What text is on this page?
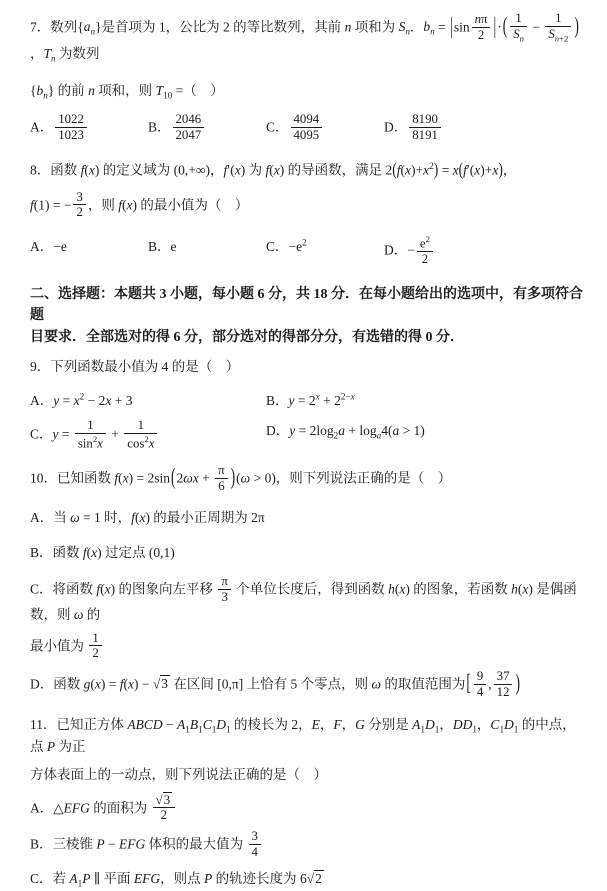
7．数列$\{a_n\}$是首项为 1，公比为 2 的等比数列，其前 n 项和为 $S_n$．$b_n = |\sin \frac{n\pi}{2}$ |·( $\frac{1}{S_n} - \frac{1}{S_{n+2}}$ )，$T_n$ 为数列
$\{b_n\}$ 的前 n 项和，则 $T_{10}$ =（    ）
A． $\frac{1022}{1023}$	B． $\frac{2046}{2047}$	C． $\frac{4094}{4095}$	D． $\frac{8190}{8191}$
8．函数 f(x) 的定义域为 (0,+∞)，f′(x) 为 f(x) 的导函数，满足 $2(f(x)+x^2) = x(f'(x)+x)$，
f(1) = − $\frac{3}{2}$ ，则 f(x) 的最小值为（    ）
A．−e	B．e	C．$-e^2$	D．− $\frac{e^2}{2}$
二、选择题：本题共 3 小题，每小题 6 分，共 18 分．在每小题给出的选项中，有多项符合题
目要求．全部选对的得 6 分，部分选对的得部分分，有选错的得 0 分．
9．下列函数最小值为 4 的是（    ）
A．$y = x^2 - 2x + 3$	B．$y = 2^x + 2^{2-x}$
C．$y = \frac{1}{\sin^2x} + \frac{1}{\cos^2x}$	D．$y = 2\log_2a + \log_a4(a > 1)$
10．已知函数 $f(x) = 2\sin(2\omega x + \frac{\pi}{6} )(\omega > 0)$，则下列说法正确的是（    ）
A．当 ω = 1 时，f(x) 的最小正周期为 2π
B．函数 f(x) 过定点 (0,1)
C．将函数 f(x) 的图象向左平移 $\frac{\pi}{3}$ 个单位长度后，得到函数 h(x) 的图象，若函数 h(x) 是偶函数，则 ω 的
最小值为 $\frac{1}{2}$
D．函数 g(x) = f(x) − √3 在区间 [0,π] 上恰有 5 个零点，则 ω 的取值范围为[ $\frac{9}{4}$ , $\frac{37}{12}$ )
11．已知正方体 ABCD − $A_1B_1C_1D_1$ 的棱长为 2，E，F，G 分别是 $A_1D_1$，$DD_1$，$C_1D_1$ 的中点，点 P 为正
方体表面上的一动点，则下列说法正确的是（    ）
A．△EFG 的面积为 $\frac{√3}{2}$
B．三棱锥 P − EFG 体积的最大值为 $\frac{3}{4}$
C．若 $A_1P$ ∥ 平面 EFG，则点 P 的轨迹长度为 6√2
